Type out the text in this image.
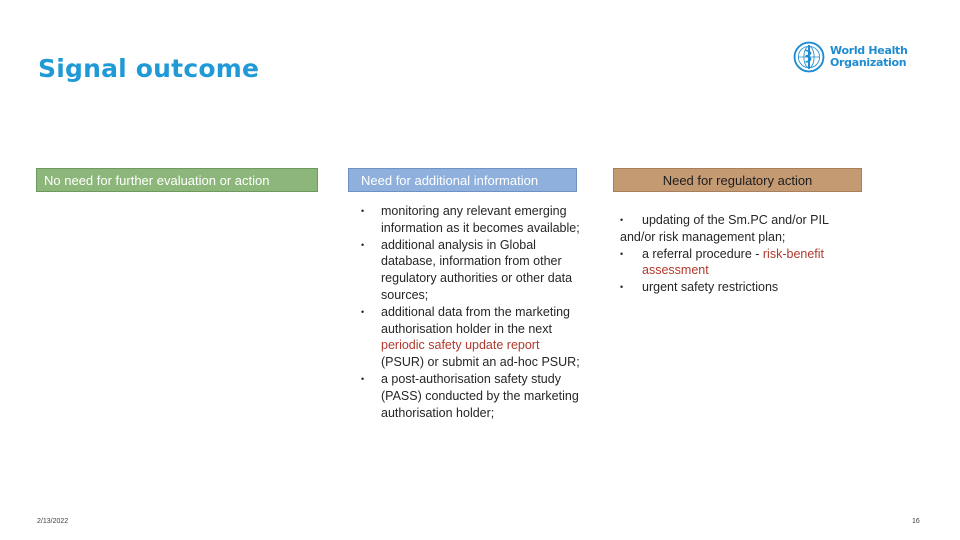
Signal outcome
World Health
Organization
No need for further evaluation or action	Need for additional information	Need for regulatory action
•	monitoring any relevant emerging information as it becomes available;
•	additional analysis in Global database, information from other regulatory authorities or other data sources;
•	additional data from the marketing authorisation holder in the next periodic safety update report (PSUR) or submit an ad-hoc PSUR;
•	a post-authorisation safety study (PASS) conducted by the marketing authorisation holder;
•	updating of the Sm.PC and/or PIL
and/or risk management plan;
•	a referral procedure - risk-benefit assessment
•	urgent safety restrictions
2/13/2022	16
